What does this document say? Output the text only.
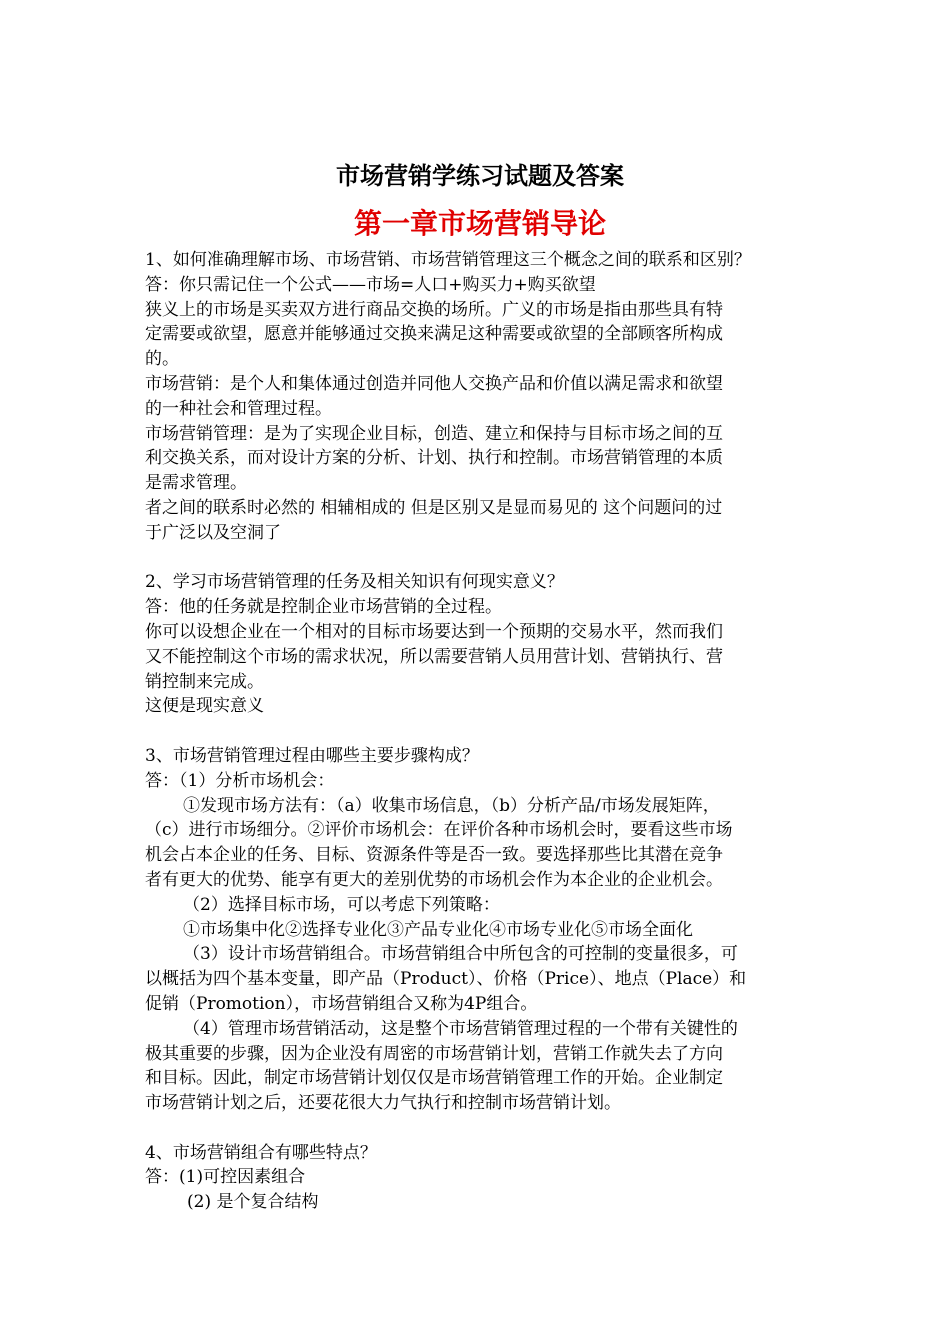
市场营销学练习试题及答案
第一章市场营销导论

1、如何准确理解市场、市场营销、市场营销管理这三个概念之间的联系和区别？

答：你只需记住一个公式——市场=人口+购买力+购买欲望

狭义上的市场是买卖双方进行商品交换的场所。广义的市场是指由那些具有特

定需要或欲望，愿意并能够通过交换来满足这种需要或欲望的全部顾客所构成

的。

市场营销：是个人和集体通过创造并同他人交换产品和价值以满足需求和欲望

的一种社会和管理过程。

市场营销管理：是为了实现企业目标，创造、建立和保持与目标市场之间的互

利交换关系，而对设计方案的分析、计划、执行和控制。市场营销管理的本质

是需求管理。

者之间的联系时必然的 相辅相成的 但是区别又是显而易见的 这个问题问的过

于广泛以及空洞了

2、学习市场营销管理的任务及相关知识有何现实意义？

答：他的任务就是控制企业市场营销的全过程。

你可以设想企业在一个相对的目标市场要达到一个预期的交易水平，然而我们

又不能控制这个市场的需求状况，所以需要营销人员用营计划、营销执行、营

销控制来完成。

这便是现实意义

3、市场营销管理过程由哪些主要步骤构成？

答：（1）分析市场机会：

①发现市场方法有：（a）收集市场信息，（b）分析产品/市场发展矩阵，

（c）进行市场细分。②评价市场机会：在评价各种市场机会时，要看这些市场

机会占本企业的任务、目标、资源条件等是否一致。要选择那些比其潜在竞争

者有更大的优势、能享有更大的差别优势的市场机会作为本企业的企业机会。

（2）选择目标市场，可以考虑下列策略：

①市场集中化②选择专业化③产品专业化④市场专业化⑤市场全面化

（3）设计市场营销组合。市场营销组合中所包含的可控制的变量很多，可

以概括为四个基本变量，即产品（Product）、价格（Price）、地点（Place）和

促销（Promotion），市场营销组合又称为4P组合。

（4）管理市场营销活动，这是整个市场营销管理过程的一个带有关键性的

极其重要的步骤，因为企业没有周密的市场营销计划，营销工作就失去了方向

和目标。因此，制定市场营销计划仅仅是市场营销管理工作的开始。企业制定

市场营销计划之后，还要花很大力气执行和控制市场营销计划。

4、市场营销组合有哪些特点？

答：(1)可控因素组合

(2) 是个复合结构
